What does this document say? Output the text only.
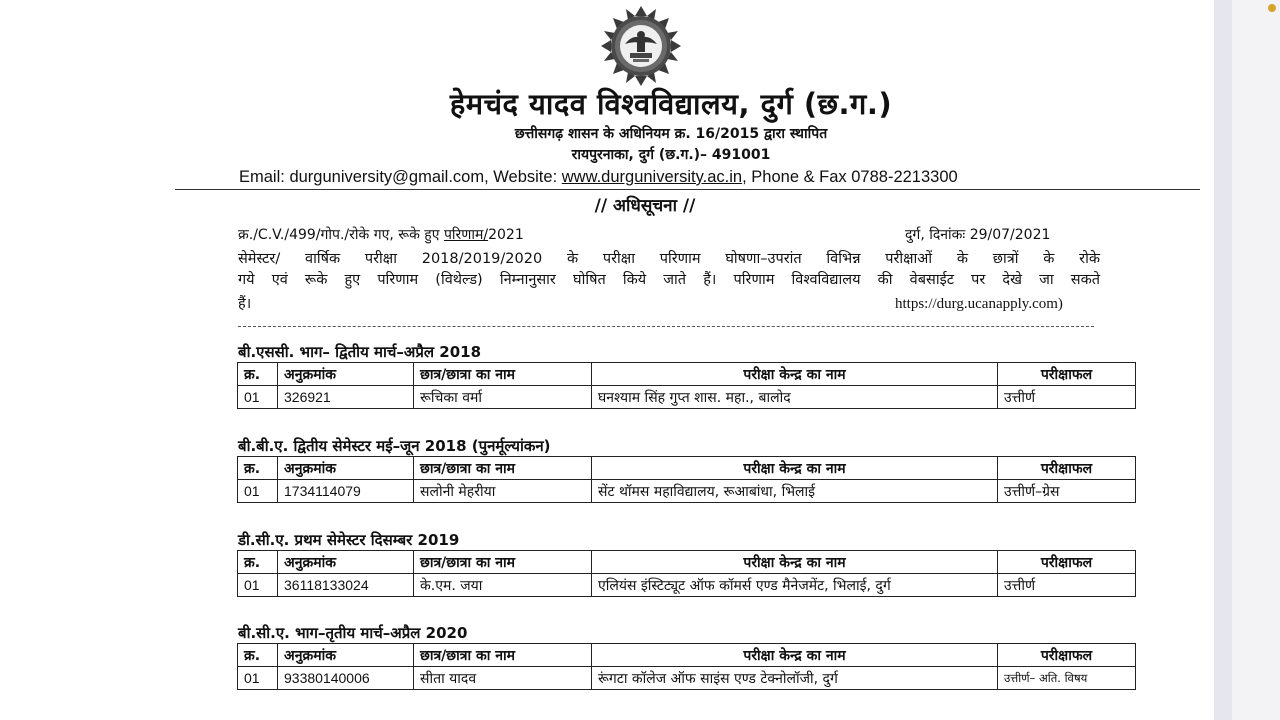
हेमचंद यादव विश्वविद्यालय, दुर्ग (छ.ग.)
छत्तीसगढ़ शासन के अधिनियम क्र. 16/2015 द्वारा स्थापित
रायपुरनाका, दुर्ग (छ.ग.)– 491001
Email: durguniversity@gmail.com, Website: www.durguniversity.ac.in, Phone & Fax 0788-2213300
// अधिसूचना //
क्र./C.V./499/गोप./रोके गए, रूके हुए परिणाम/2021	दुर्ग, दिनांकः 29/07/2021
सेमेस्टर/ वार्षिक परीक्षा 2018/2019/2020 के परीक्षा परिणाम घोषणा–उपरांत विभिन्न परीक्षाओं के छात्रों के रोके
गये एवं रूके हुए परिणाम (विथेल्ड) निम्नानुसार घोषित किये जाते हैं। परिणाम विश्वविद्यालय की वेबसाईट पर देखे जा सकते
हैं।	https://durg.ucanapply.com)
बी.एससी. भाग– द्वितीय मार्च–अप्रैल 2018
क्र.	अनुक्रमांक	छात्र/छात्रा का नाम	परीक्षा केन्द्र का नाम	परीक्षाफल
01	326921	रूचिका वर्मा	घनश्याम सिंह गुप्त शास. महा., बालोद	उत्तीर्ण
बी.बी.ए. द्वितीय सेमेस्टर मई–जून 2018 (पुनर्मूल्यांकन)
क्र.	अनुक्रमांक	छात्र/छात्रा का नाम	परीक्षा केन्द्र का नाम	परीक्षाफल
01	1734114079	सलोनी मेहरीया	सेंट थॉमस महाविद्यालय, रूआबांधा, भिलाई	उत्तीर्ण–ग्रेस
डी.सी.ए. प्रथम सेमेस्टर दिसम्बर 2019
क्र.	अनुक्रमांक	छात्र/छात्रा का नाम	परीक्षा केन्द्र का नाम	परीक्षाफल
01	36118133024	के.एम. जया	एलियंस इंस्टिट्यूट ऑफ कॉमर्स एण्ड मैनेजमेंट, भिलाई, दुर्ग	उत्तीर्ण
बी.सी.ए. भाग–तृतीय मार्च–अप्रैल 2020
क्र.	अनुक्रमांक	छात्र/छात्रा का नाम	परीक्षा केन्द्र का नाम	परीक्षाफल
01	93380140006	सीता यादव	रूंगटा कॉलेज ऑफ साइंस एण्ड टेक्नोलॉजी, दुर्ग	उत्तीर्ण– अति. विषय
